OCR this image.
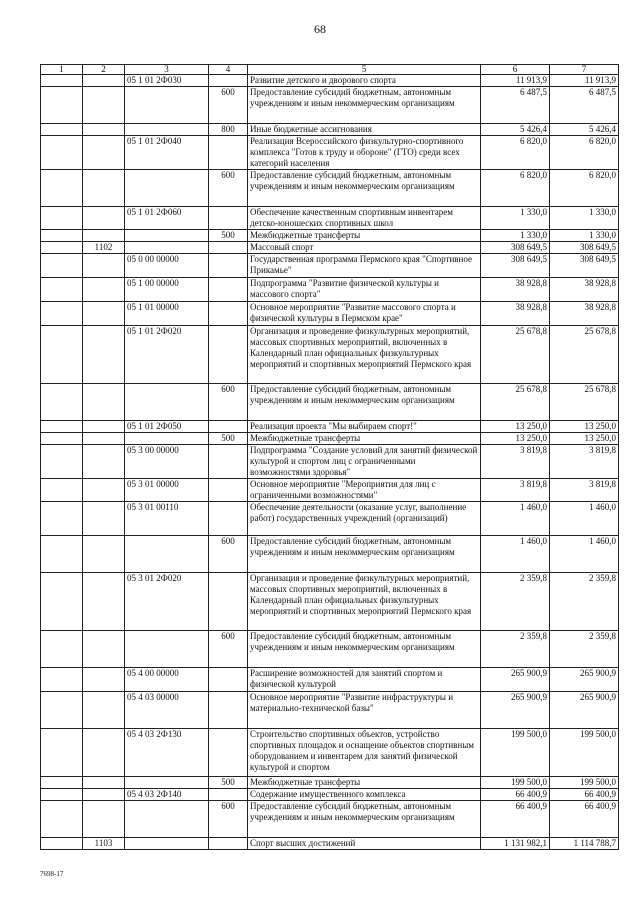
68
1	2	3	4	5	6	7
		05 1 01 2Ф030		Развитие детского и дворового спорта	11 913,9	11 913,9
			600	Предоставление субсидий бюджетным, автономным учреждениям и иным некоммерческим организациям	6 487,5	6 487,5
			800	Иные бюджетные ассигнования	5 426,4	5 426,4
		05 1 01 2Ф040		Реализация Всероссийского физкультурно-спортивного комплекса "Готов к труду и обороне" (ГТО) среди всех категорий населения	6 820,0	6 820,0
			600	Предоставление субсидий бюджетным, автономным учреждениям и иным некоммерческим организациям	6 820,0	6 820,0
		05 1 01 2Ф060		Обеспечение качественным спортивным инвентарем детско-юношеских спортивных школ	1 330,0	1 330,0
			500	Межбюджетные трансферты	1 330,0	1 330,0
	1102			Массовый спорт	308 649,5	308 649,5
		05 0 00 00000		Государственная программа Пермского края "Спортивное Прикамье"	308 649,5	308 649,5
		05 1 00 00000		Подпрограмма "Развитие физической культуры и массового спорта"	38 928,8	38 928,8
		05 1 01 00000		Основное мероприятие "Развитие массового спорта и физической культуры в Пермском крае"	38 928,8	38 928,8
		05 1 01 2Ф020		Организация и проведение физкультурных мероприятий, массовых спортивных мероприятий, включенных в Календарный план официальных физкультурных мероприятий и спортивных мероприятий Пермского края	25 678,8	25 678,8
			600	Предоставление субсидий бюджетным, автономным учреждениям и иным некоммерческим организациям	25 678,8	25 678,8
		05 1 01 2Ф050		Реализация проекта "Мы выбираем спорт!"	13 250,0	13 250,0
			500	Межбюджетные трансферты	13 250,0	13 250,0
		05 3 00 00000		Подпрограмма "Создание условий для занятий физической культурой и спортом лиц с ограниченными возможностями здоровья"	3 819,8	3 819,8
		05 3 01 00000		Основное мероприятие "Мероприятия для лиц с ограниченными возможностями"	3 819,8	3 819,8
		05 3 01 00110		Обеспечение деятельности (оказание услуг, выполнение работ) государственных учреждений (организаций)	1 460,0	1 460,0
			600	Предоставление субсидий бюджетным, автономным учреждениям и иным некоммерческим организациям	1 460,0	1 460,0
		05 3 01 2Ф020		Организация и проведение физкультурных мероприятий, массовых спортивных мероприятий, включенных в Календарный план официальных физкультурных мероприятий и спортивных мероприятий Пермского края	2 359,8	2 359,8
			600	Предоставление субсидий бюджетным, автономным учреждениям и иным некоммерческим организациям	2 359,8	2 359,8
		05 4 00 00000		Расширение возможностей для занятий спортом и физической культурой	265 900,9	265 900,9
		05 4 03 00000		Основное мероприятие "Развитие инфраструктуры и материально-технической базы"	265 900,9	265 900,9
		05 4 03 2Ф130		Строительство спортивных объектов, устройство спортивных площадок и оснащение объектов спортивным оборудованием и инвентарем для занятий физической культурой и спортом	199 500,0	199 500,0
			500	Межбюджетные трансферты	199 500,0	199 500,0
		05 4 03 2Ф140		Содержание имущественного комплекса	66 400,9	66 400,9
			600	Предоставление субсидий бюджетным, автономным учреждениям и иным некоммерческим организациям	66 400,9	66 400,9
	1103			Спорт высших достижений	1 131 982,1	1 114 788,7
7698-17
